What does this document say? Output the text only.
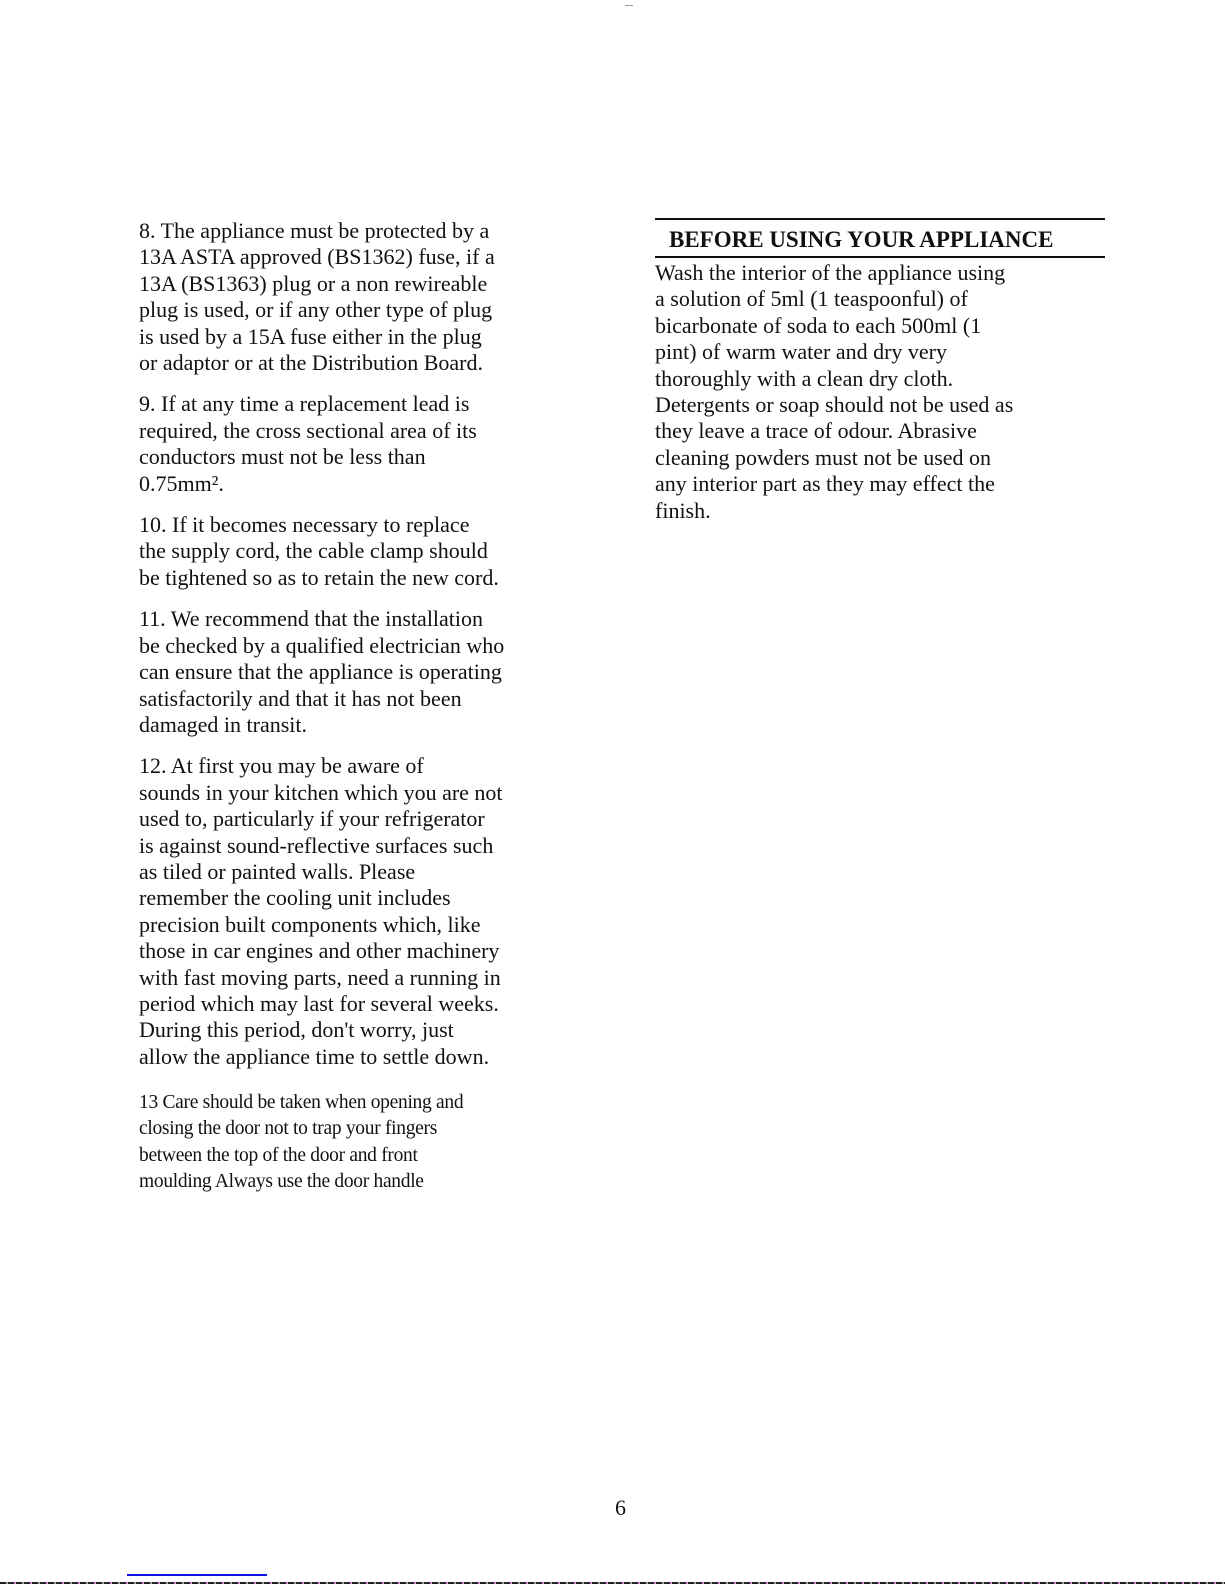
8. The appliance must be protected by a
13A ASTA approved (BS1362) fuse, if a
13A (BS1363) plug or a non rewireable
plug is used, or if any other type of plug
is used by a 15A fuse either in the plug
or adaptor or at the Distribution Board.
9. If at any time a replacement lead is
required, the cross sectional area of its
conductors must not be less than
0.75mm².
10. If it becomes necessary to replace
the supply cord, the cable clamp should
be tightened so as to retain the new cord.
11. We recommend that the installation
be checked by a qualified electrician who
can ensure that the appliance is operating
satisfactorily and that it has not been
damaged in transit.
12. At first you may be aware of
sounds in your kitchen which you are not
used to, particularly if your refrigerator
is against sound-reflective surfaces such
as tiled or painted walls. Please
remember the cooling unit includes
precision built components which, like
those in car engines and other machinery
with fast moving parts, need a running in
period which may last for several weeks.
During this period, don't worry, just
allow the appliance time to settle down.
13 Care should be taken when opening and
closing the door not to trap your fingers
between the top of the door and front
moulding Always use the door handle
BEFORE USING YOUR APPLIANCE
Wash the interior of the appliance using
a solution of 5ml (1 teaspoonful) of
bicarbonate of soda to each 500ml (1
pint) of warm water and dry very
thoroughly with a clean dry cloth.
Detergents or soap should not be used as
they leave a trace of odour. Abrasive
cleaning powders must not be used on
any interior part as they may effect the
finish.
6
